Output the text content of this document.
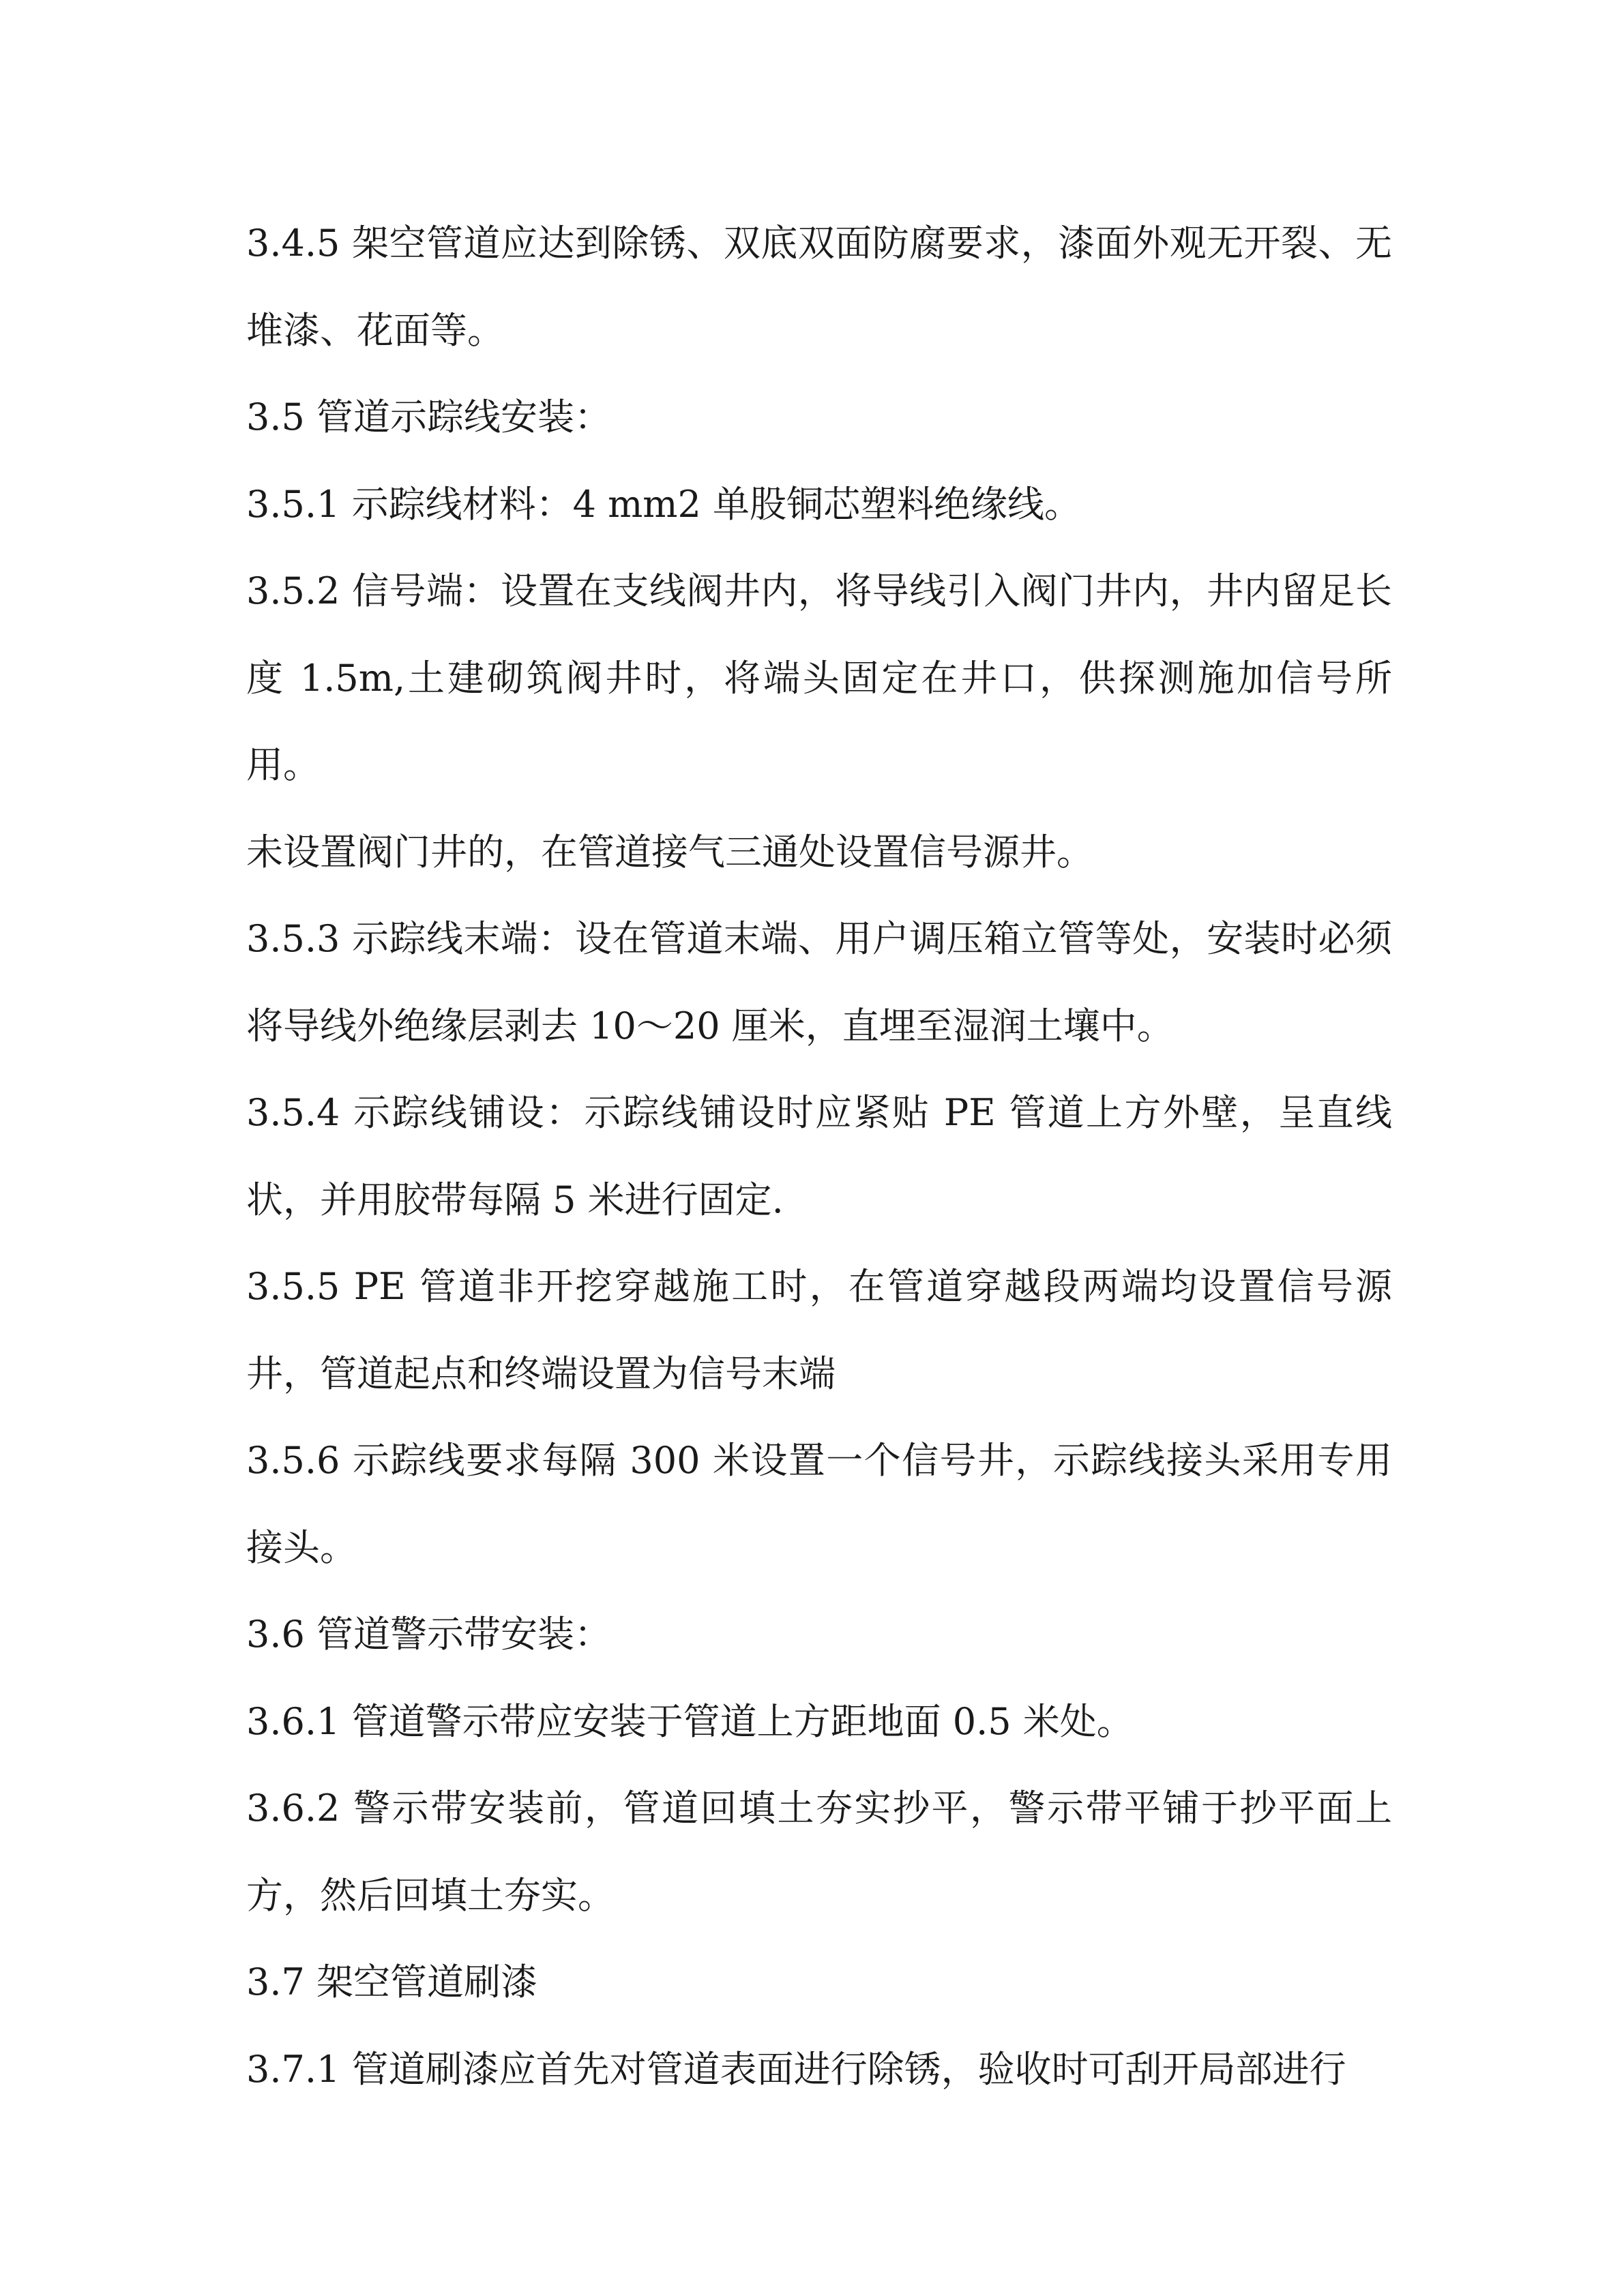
3.4.5 架空管道应达到除锈、双底双面防腐要求，漆面外观无开裂、无堆漆、花面等。

3.5 管道示踪线安装：

3.5.1 示踪线材料：4 mm2 单股铜芯塑料绝缘线。

3.5.2 信号端：设置在支线阀井内，将导线引入阀门井内，井内留足长度 1.5m,土建砌筑阀井时，将端头固定在井口，供探测施加信号所用。

未设置阀门井的，在管道接气三通处设置信号源井。

3.5.3 示踪线末端：设在管道末端、用户调压箱立管等处，安装时必须将导线外绝缘层剥去 10～20 厘米，直埋至湿润土壤中。

3.5.4 示踪线铺设：示踪线铺设时应紧贴 PE 管道上方外壁，呈直线状，并用胶带每隔 5 米进行固定.

3.5.5 PE 管道非开挖穿越施工时，在管道穿越段两端均设置信号源井，管道起点和终端设置为信号末端

3.5.6 示踪线要求每隔 300 米设置一个信号井，示踪线接头采用专用接头。

3.6 管道警示带安装：

3.6.1 管道警示带应安装于管道上方距地面 0.5 米处。

3.6.2 警示带安装前，管道回填土夯实抄平，警示带平铺于抄平面上方，然后回填土夯实。

3.7 架空管道刷漆

3.7.1 管道刷漆应首先对管道表面进行除锈，验收时可刮开局部进行
